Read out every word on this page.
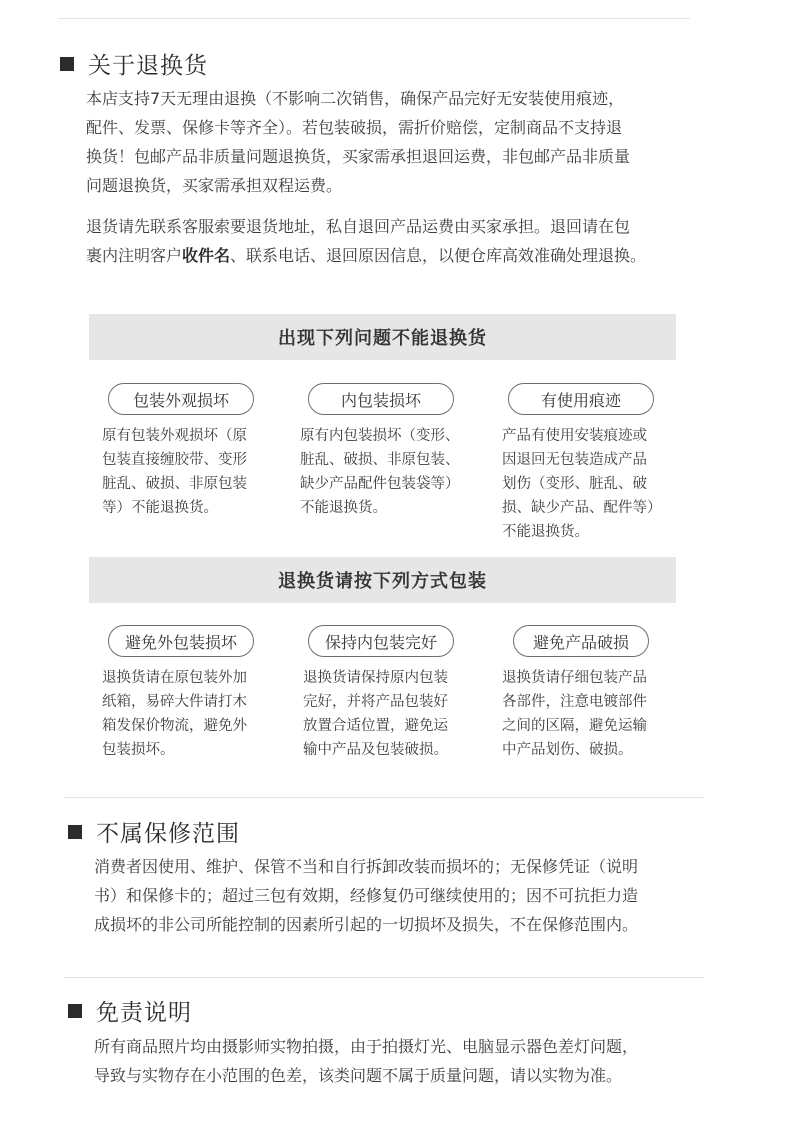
关于退换货
本店支持7天无理由退换（不影响二次销售，确保产品完好无安装使用痕迹，
配件、发票、保修卡等齐全）。若包装破损，需折价赔偿，定制商品不支持退
换货！包邮产品非质量问题退换货，买家需承担退回运费，非包邮产品非质量
问题退换货，买家需承担双程运费。
退货请先联系客服索要退货地址，私自退回产品运费由买家承担。退回请在包
裹内注明客户收件名、联系电话、退回原因信息，以便仓库高效准确处理退换。
出现下列问题不能退换货
包装外观损坏	内包装损坏	有使用痕迹
原有包装外观损坏（原
包装直接缠胶带、变形
脏乱、破损、非原包装
等）不能退换货。
原有内包装损坏（变形、
脏乱、破损、非原包装、
缺少产品配件包装袋等）
不能退换货。
产品有使用安装痕迹或
因退回无包装造成产品
划伤（变形、脏乱、破
损、缺少产品、配件等）
不能退换货。
退换货请按下列方式包装
避免外包装损坏	保持内包装完好	避免产品破损
退换货请在原包装外加
纸箱，易碎大件请打木
箱发保价物流，避免外
包装损坏。
退换货请保持原内包装
完好，并将产品包装好
放置合适位置，避免运
输中产品及包装破损。
退换货请仔细包装产品
各部件，注意电镀部件
之间的区隔，避免运输
中产品划伤、破损。
不属保修范围
消费者因使用、维护、保管不当和自行拆卸改装而损坏的；无保修凭证（说明
书）和保修卡的；超过三包有效期，经修复仍可继续使用的；因不可抗拒力造
成损坏的非公司所能控制的因素所引起的一切损坏及损失，不在保修范围内。
免责说明
所有商品照片均由摄影师实物拍摄，由于拍摄灯光、电脑显示器色差灯问题，
导致与实物存在小范围的色差，该类问题不属于质量问题，请以实物为准。
